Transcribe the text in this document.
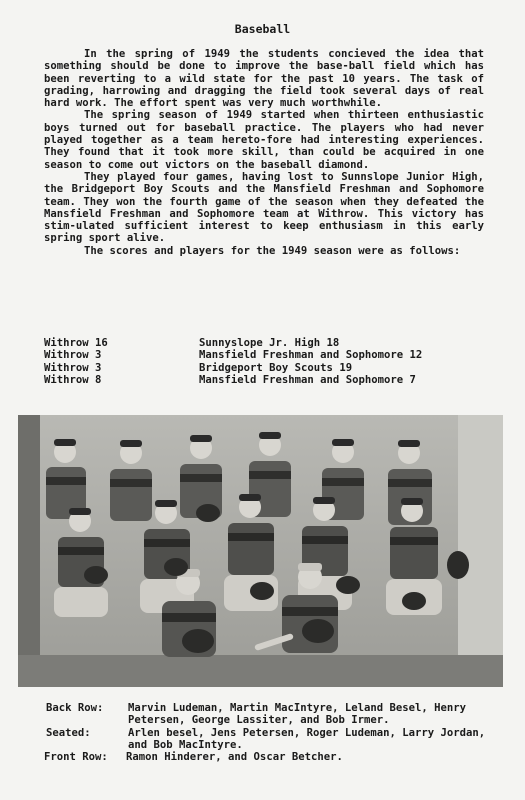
Baseball

In the spring of 1949 the students concieved the idea that something should be done to improve the base-ball field which has been reverting to a wild state for the past 10 years. The task of grading, harrowing and dragging the field took several days of real hard work. The effort spent was very much worthwhile.

The spring season of 1949 started when thirteen enthusiastic boys turned out for baseball practice. The players who had never played together as a team hereto-fore had interesting experiences. They found that it took more skill, than could be acquired in one season to come out victors on the baseball diamond.

They played four games, having lost to Sunnslope Junior High, the Bridgeport Boy Scouts and the Mansfield Freshman and Sophomore team. They won the fourth game of the season when they defeated the Mansfield Freshman and Sophomore team at Withrow. This victory has stim-ulated sufficient interest to keep enthusiasm in this early spring sport alive.

The scores and players for the 1949 season were as follows:

Withrow 16	Sunnyslope Jr. High 18
Withrow 3	Mansfield Freshman and Sophomore 12
Withrow 3	Bridgeport Boy Scouts 19
Withrow 8	Mansfield Freshman and Sophomore 7
Back Row:	Marvin Ludeman, Martin MacIntyre, Leland Besel, Henry Petersen, George Lassiter, and Bob Irmer.
Seated:	Arlen besel, Jens Petersen, Roger Ludeman, Larry Jordan, and Bob MacIntyre.
Front Row:	Ramon Hinderer, and Oscar Betcher.
